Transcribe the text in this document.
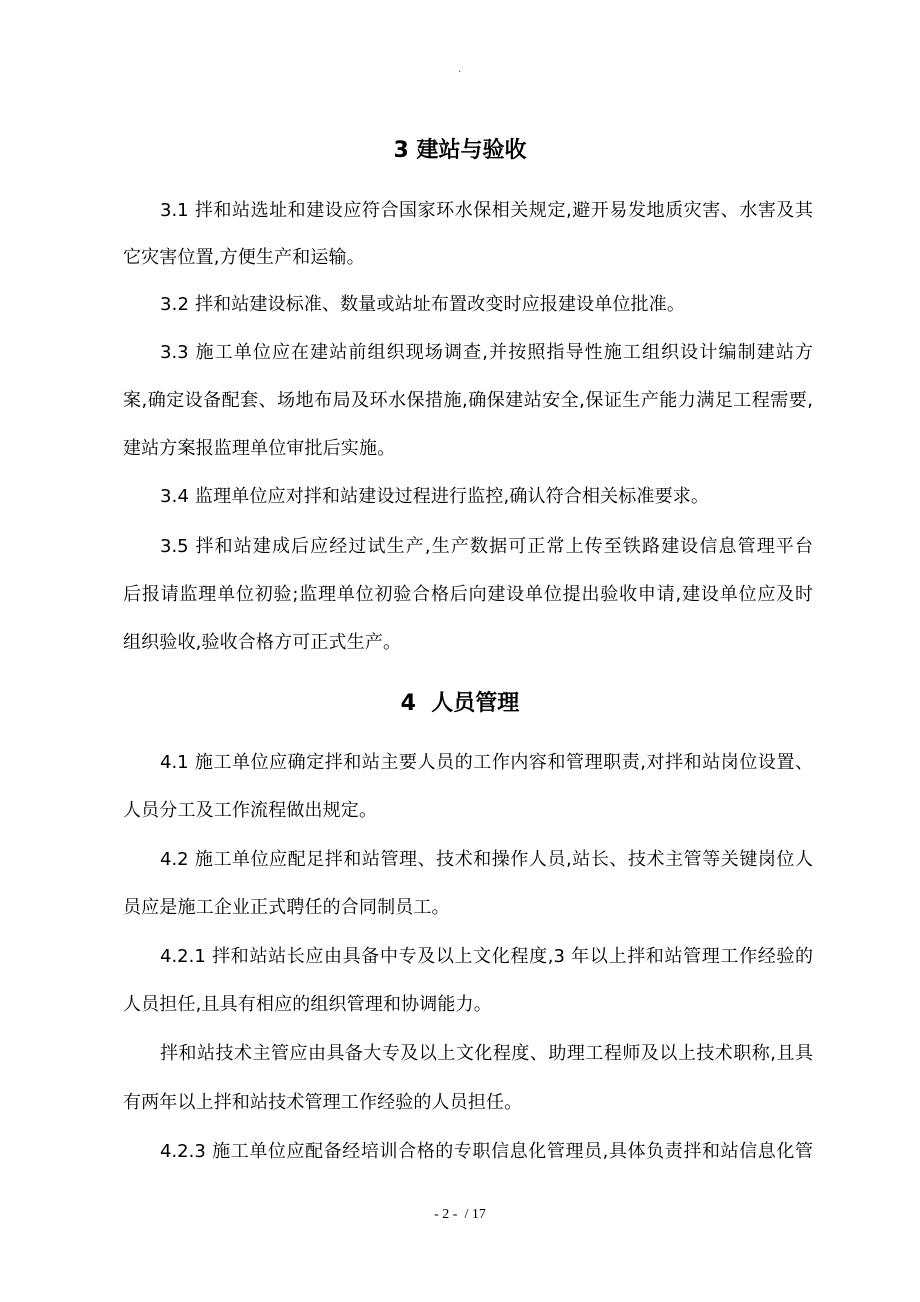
.
3 建站与验收
3.1 拌和站选址和建设应符合国家环水保相关规定,避开易发地质灾害、水害及其
它灾害位置,方便生产和运输。
3.2 拌和站建设标准、数量或站址布置改变时应报建设单位批准。
3.3 施工单位应在建站前组织现场调查,并按照指导性施工组织设计编制建站方
案,确定设备配套、场地布局及环水保措施,确保建站安全,保证生产能力满足工程需要,
建站方案报监理单位审批后实施。
3.4 监理单位应对拌和站建设过程进行监控,确认符合相关标准要求。
3.5 拌和站建成后应经过试生产,生产数据可正常上传至铁路建设信息管理平台
后报请监理单位初验;监理单位初验合格后向建设单位提出验收申请,建设单位应及时
组织验收,验收合格方可正式生产。
4  人员管理
4.1 施工单位应确定拌和站主要人员的工作内容和管理职责,对拌和站岗位设置、
人员分工及工作流程做出规定。
4.2 施工单位应配足拌和站管理、技术和操作人员,站长、技术主管等关键岗位人
员应是施工企业正式聘任的合同制员工。
4.2.1 拌和站站长应由具备中专及以上文化程度,3 年以上拌和站管理工作经验的
人员担任,且具有相应的组织管理和协调能力。
拌和站技术主管应由具备大专及以上文化程度、助理工程师及以上技术职称,且具
有两年以上拌和站技术管理工作经验的人员担任。
4.2.3 施工单位应配备经培训合格的专职信息化管理员,具体负责拌和站信息化管
- 2 -  / 17
